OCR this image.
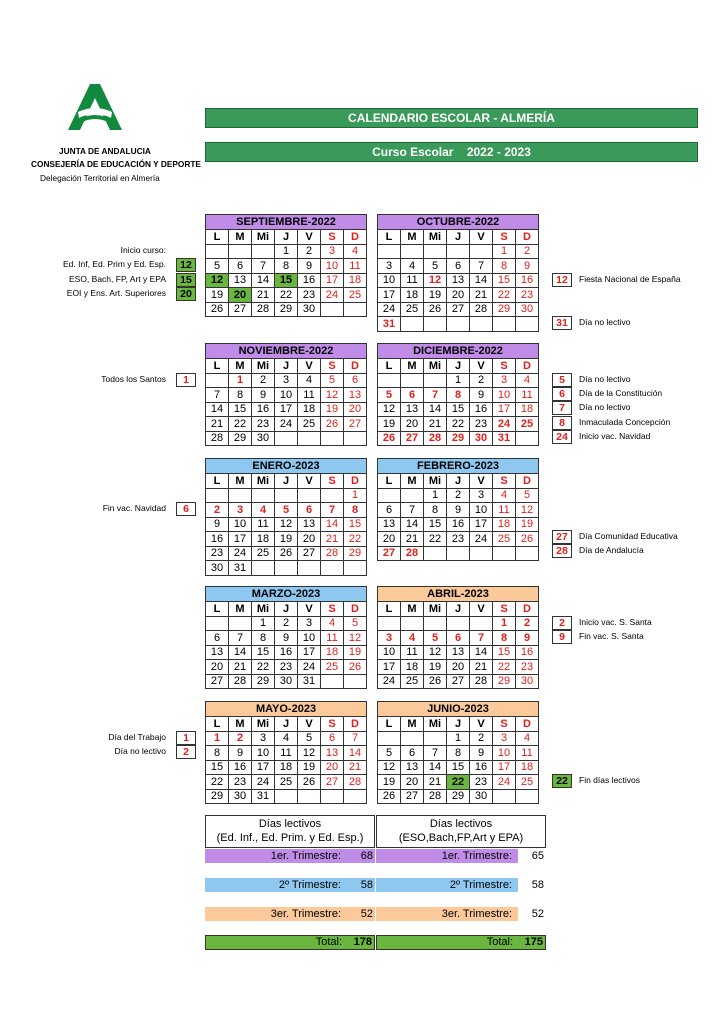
JUNTA DE ANDALUCIA
CONSEJERÍA DE EDUCACIÓN Y DEPORTE
Delegación Territorial en Almería
CALENDARIO ESCOLAR - ALMERÍA
Curso Escolar 2022 - 2023
SEPTIEMBRE-2022						
L	M	Mi	J	V	S	D
			1	2	3	4
5	6	7	8	9	10	11
12	13	14	15	16	17	18
19	20	21	22	23	24	25
26	27	28	29	30		
OCTUBRE-2022						
L	M	Mi	J	V	S	D
					1	2
3	4	5	6	7	8	9
10	11	12	13	14	15	16
17	18	19	20	21	22	23
24	25	26	27	28	29	30
31						
NOVIEMBRE-2022						
L	M	Mi	J	V	S	D
	1	2	3	4	5	6
7	8	9	10	11	12	13
14	15	16	17	18	19	20
21	22	23	24	25	26	27
28	29	30				
DICIEMBRE-2022						
L	M	Mi	J	V	S	D
			1	2	3	4
5	6	7	8	9	10	11
12	13	14	15	16	17	18
19	20	21	22	23	24	25
26	27	28	29	30	31	
ENERO-2023						
L	M	Mi	J	V	S	D
						1
2	3	4	5	6	7	8
9	10	11	12	13	14	15
16	17	18	19	20	21	22
23	24	25	26	27	28	29
30	31					
FEBRERO-2023						
L	M	Mi	J	V	S	D
		1	2	3	4	5
6	7	8	9	10	11	12
13	14	15	16	17	18	19
20	21	22	23	24	25	26
27	28					
MARZO-2023						
L	M	Mi	J	V	S	D
		1	2	3	4	5
6	7	8	9	10	11	12
13	14	15	16	17	18	19
20	21	22	23	24	25	26
27	28	29	30	31		
ABRIL-2023						
L	M	Mi	J	V	S	D
					1	2
3	4	5	6	7	8	9
10	11	12	13	14	15	16
17	18	19	20	21	22	23
24	25	26	27	28	29	30
MAYO-2023						
L	M	Mi	J	V	S	D
1	2	3	4	5	6	7
8	9	10	11	12	13	14
15	16	17	18	19	20	21
22	23	24	25	26	27	28
29	30	31				
JUNIO-2023						
L	M	Mi	J	V	S	D
			1	2	3	4
5	6	7	8	9	10	11
12	13	14	15	16	17	18
19	20	21	22	23	24	25
26	27	28	29	30		
Inicio curso:
Ed. Inf, Ed. Prim y Ed. Esp.	12
ESO, Bach, FP, Art y EPA	15
EOI y Ens. Art. Superiores	20
Todos los Santos	1
Fin vac. Navidad	6
Día del Trabajo	1
Día no lectivo	2
12	Fiesta Nacional de España
31	Día no lectivo
5	Día no lectivo
6	Día de la Constitución
7	Día no lectivo
8	Inmaculada Concepción
24	Inicio vac. Navidad
27	Día Comunidad Educativa
28	Día de Andalucía
2	Inicio vac. S. Santa
9	Fin vac. S. Santa
22	Fin días lectivos
Días lectivos
(Ed. Inf., Ed. Prim. y Ed. Esp.)
1er. Trimestre:	68
2º Trimestre:	58
3er. Trimestre:	52
Total:	178
Días lectivos
(ESO,Bach,FP,Art y EPA)
1er. Trimestre:	65
2º Trimestre:	58
3er. Trimestre:	52
Total:	175
